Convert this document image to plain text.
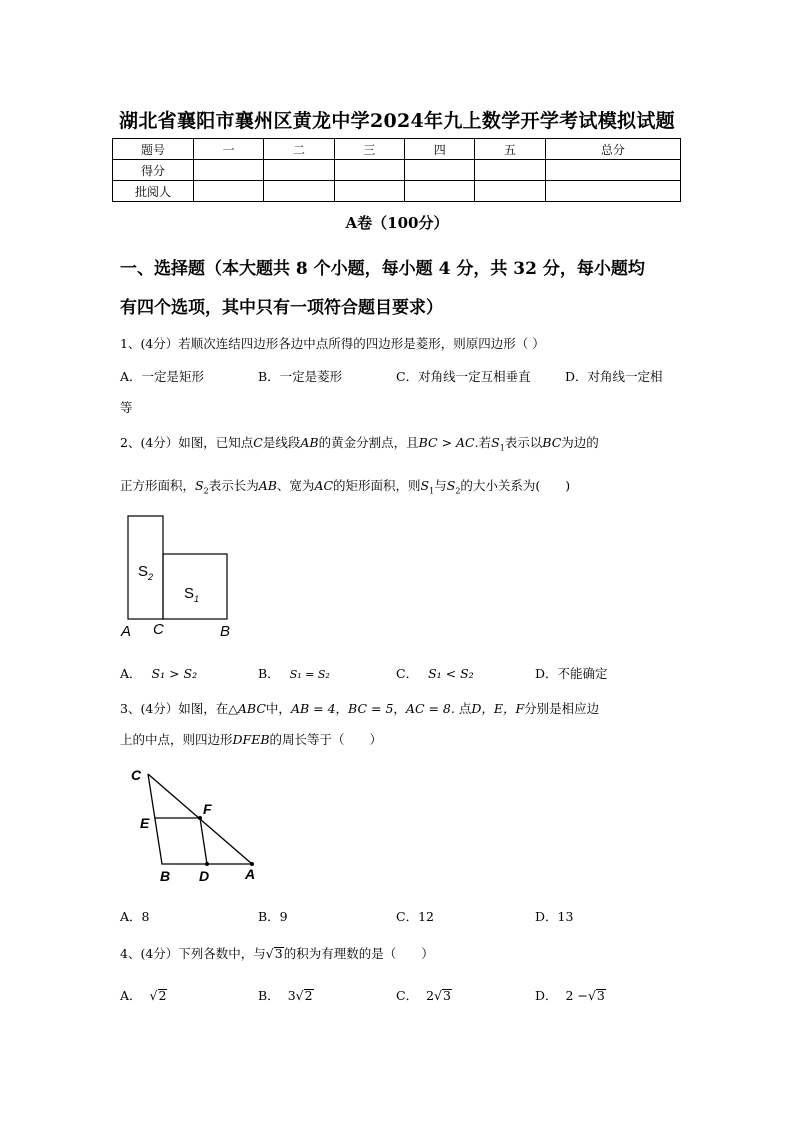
湖北省襄阳市襄州区黄龙中学2024年九上数学开学考试模拟试题
题号	一	二	三	四	五	总分
得分						
批阅人						
A卷（100分）
一、选择题（本大题共 8 个小题，每小题 4 分，共 32 分，每小题均
有四个选项，其中只有一项符合题目要求）
1、(4分）若顺次连结四边形各边中点所得的四边形是菱形，则原四边形（ ）
A．一定是矩形	B．一定是菱形	C．对角线一定互相垂直	D．对角线一定相
等
2、(4分）如图，已知点C是线段AB的黄金分割点，且BC > AC.若$S_1$表示以BC为边的
正方形面积，$S_2$表示长为AB、宽为AC的矩形面积，则$S_1$与$S_2$的大小关系为(　　)
$S_2$
$S_1$
A C	B
A． S₁ > S₂	B． S₁ = S₂	C． S₁ < S₂	D．不能确定
3、(4分）如图，在△ABC中，AB = 4，BC = 5，AC = 8. 点D，E，F分别是相应边
上的中点，则四边形DFEB的周长等于（　　）
C
E
F
B D	A
A．8	B．9	C．12	D．13
4、(4分）下列各数中，与√3的积为有理数的是（　　）
A． √2	B． 3√2	C． 2√3	D． 2 −√3
